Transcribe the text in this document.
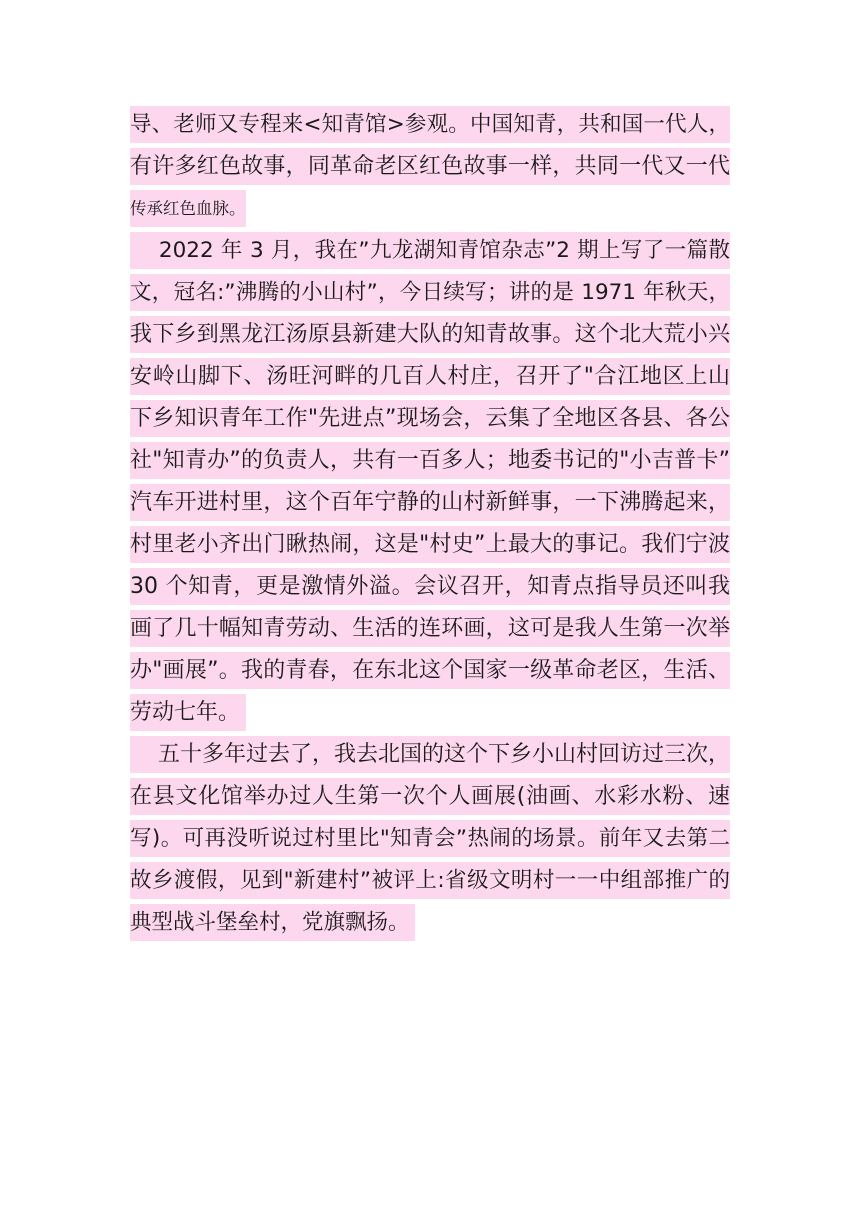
导、老师又专程来<知青馆>参观。中国知青，共和国一代人，
有许多红色故事，同革命老区红色故事一样，共同一代又一代
传承红色血脉。
2022 年 3 月，我在”九龙湖知青馆杂志”2 期上写了一篇散
文，冠名:”沸腾的小山村”，今日续写；讲的是 1971 年秋天，
我下乡到黑龙江汤原县新建大队的知青故事。这个北大荒小兴
安岭山脚下、汤旺河畔的几百人村庄，召开了"合江地区上山
下乡知识青年工作"先进点”现场会，云集了全地区各县、各公
社"知青办”的负责人，共有一百多人；地委书记的"小吉普卡”
汽车开进村里，这个百年宁静的山村新鲜事，一下沸腾起来，
村里老小齐出门瞅热闹，这是"村史”上最大的事记。我们宁波
30 个知青，更是激情外溢。会议召开，知青点指导员还叫我
画了几十幅知青劳动、生活的连环画，这可是我人生第一次举
办"画展”。我的青春，在东北这个国家一级革命老区，生活、
劳动七年。
五十多年过去了，我去北国的这个下乡小山村回访过三次，
在县文化馆举办过人生第一次个人画展(油画、水彩水粉、速
写)。可再没听说过村里比"知青会”热闹的场景。前年又去第二
故乡渡假，见到"新建村”被评上:省级文明村一一中组部推广的
典型战斗堡垒村，党旗飘扬。
